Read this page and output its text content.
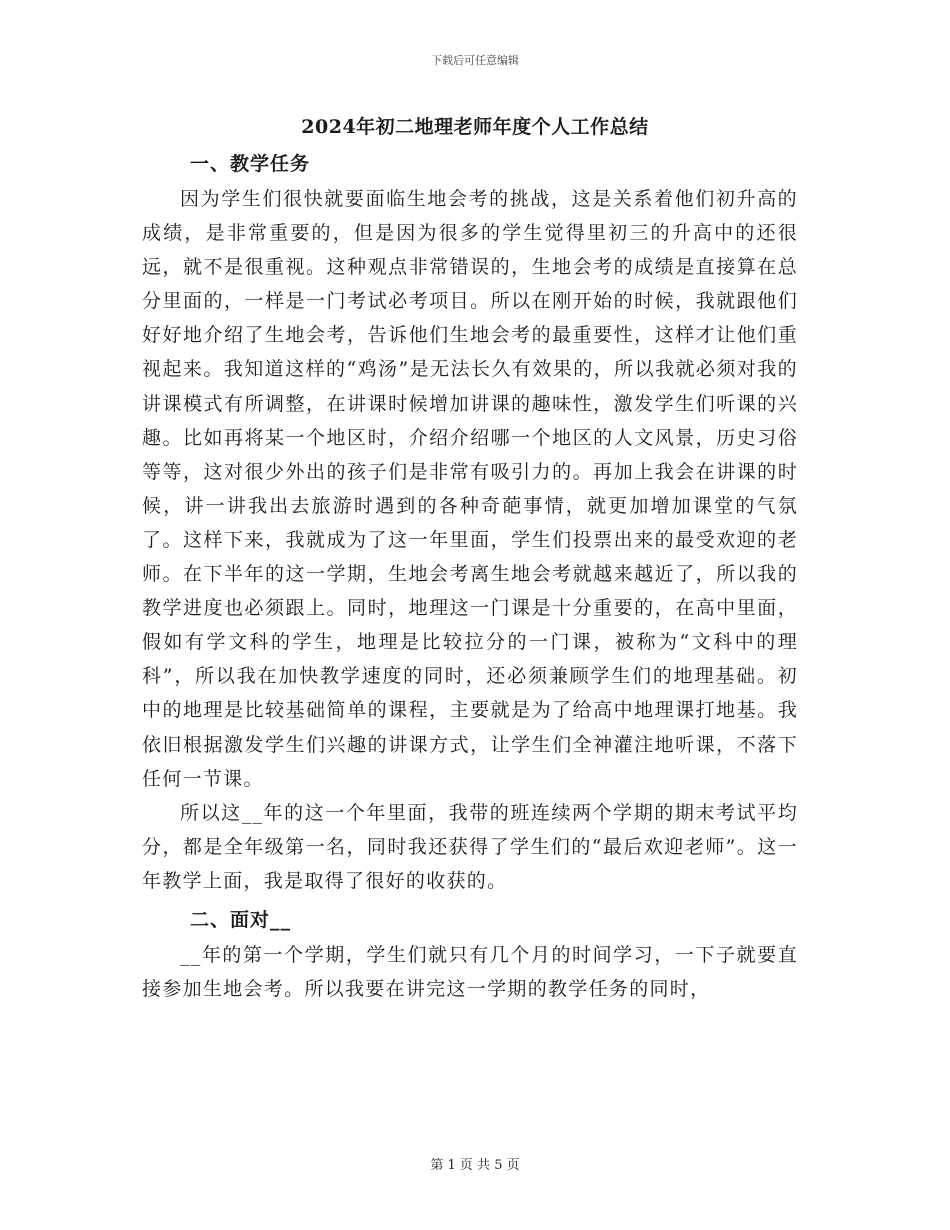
下载后可任意编辑
2024年初二地理老师年度个人工作总结
一、教学任务

因为学生们很快就要面临生地会考的挑战，这是关系着他们初升高的成绩，是非常重要的，但是因为很多的学生觉得里初三的升高中的还很远，就不是很重视。这种观点非常错误的，生地会考的成绩是直接算在总分里面的，一样是一门考试必考项目。所以在刚开始的时候，我就跟他们好好地介绍了生地会考，告诉他们生地会考的最重要性，这样才让他们重视起来。我知道这样的“鸡汤”是无法长久有效果的，所以我就必须对我的讲课模式有所调整，在讲课时候增加讲课的趣味性，激发学生们听课的兴趣。比如再将某一个地区时，介绍介绍哪一个地区的人文风景，历史习俗等等，这对很少外出的孩子们是非常有吸引力的。再加上我会在讲课的时候，讲一讲我出去旅游时遇到的各种奇葩事情，就更加增加课堂的气氛了。这样下来，我就成为了这一年里面，学生们投票出来的最受欢迎的老师。在下半年的这一学期，生地会考离生地会考就越来越近了，所以我的教学进度也必须跟上。同时，地理这一门课是十分重要的，在高中里面，假如有学文科的学生，地理是比较拉分的一门课，被称为“文科中的理科”，所以我在加快教学速度的同时，还必须兼顾学生们的地理基础。初中的地理是比较基础简单的课程，主要就是为了给高中地理课打地基。我依旧根据激发学生们兴趣的讲课方式，让学生们全神灌注地听课，不落下任何一节课。

所以这__年的这一个年里面，我带的班连续两个学期的期末考试平均分，都是全年级第一名，同时我还获得了学生们的“最后欢迎老师”。这一年教学上面，我是取得了很好的收获的。

二、面对__

__年的第一个学期，学生们就只有几个月的时间学习，一下子就要直接参加生地会考。所以我要在讲完这一学期的教学任务的同时，

第 1 页 共 5 页
